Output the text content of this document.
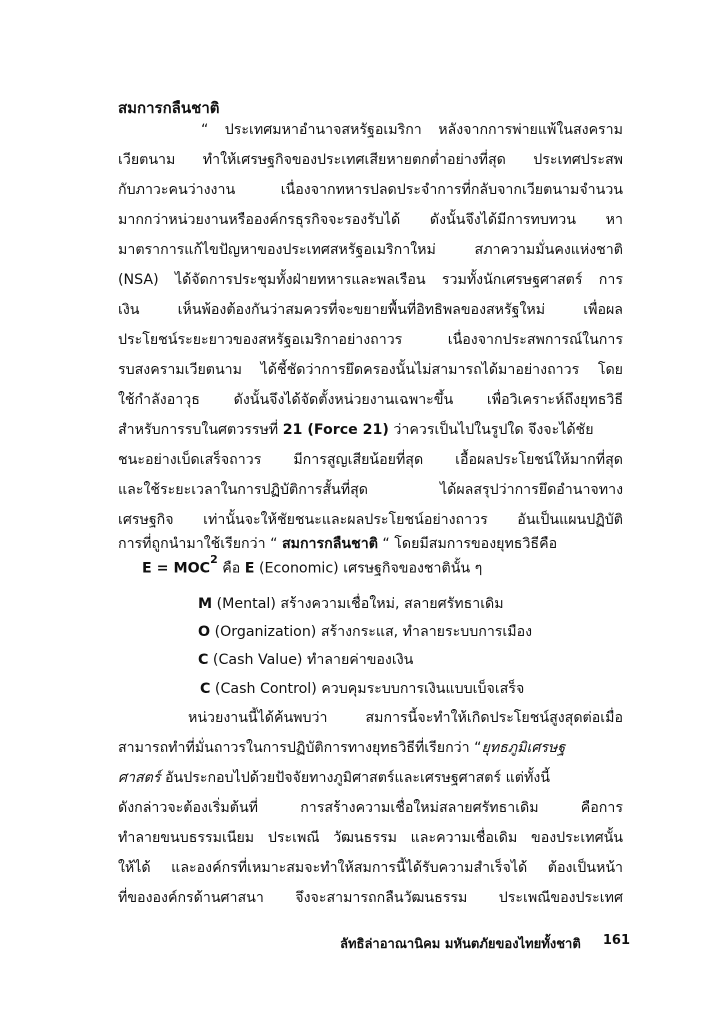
สมการกลืนชาติ
“ ประเทศมหาอำนาจสหรัฐอเมริกา หลังจากการพ่ายแพ้ในสงคราม
เวียตนาม ทำให้เศรษฐกิจของประเทศเสียหายตกต่ำอย่างที่สุด ประเทศประสพ
กับภาวะคนว่างงาน เนื่องจากทหารปลดประจำการที่กลับจากเวียตนามจำนวน
มากกว่าหน่วยงานหรือองค์กรธุรกิจจะรองรับได้ ดังนั้นจึงได้มีการทบทวน หา
มาตราการแก้ไขปัญหาของประเทศสหรัฐอเมริกาใหม่ สภาความมั่นคงแห่งชาติ
(NSA) ได้จัดการประชุมทั้งฝ่ายทหารและพลเรือน รวมทั้งนักเศรษฐศาสตร์ การ
เงิน เห็นพ้องต้องกันว่าสมควรที่จะขยายพื้นที่อิทธิพลของสหรัฐใหม่ เพื่อผล
ประโยชน์ระยะยาวของสหรัฐอเมริกาอย่างถาวร เนื่องจากประสพการณ์ในการ
รบสงครามเวียตนาม ได้ชี้ชัดว่าการยึดครองนั้นไม่สามารถได้มาอย่างถาวร โดย
ใช้กำลังอาวุธ ดังนั้นจึงได้จัดตั้งหน่วยงานเฉพาะขึ้น เพื่อวิเคราะห์ถึงยุทธวิธี
สำหรับการรบในศตวรรษที่ 21 (Force 21) ว่าควรเป็นไปในรูปใด จึงจะได้ชัย
ชนะอย่างเบ็ดเสร็จถาวร มีการสูญเสียน้อยที่สุด เอื้อผลประโยชน์ให้มากที่สุด
และใช้ระยะเวลาในการปฏิบัติการสั้นที่สุด ได้ผลสรุปว่าการยึดอำนาจทาง
เศรษฐกิจ เท่านั้นจะให้ชัยชนะและผลประโยชน์อย่างถาวร อันเป็นแผนปฏิบัติ
การที่ถูกนำมาใช้เรียกว่า “ สมการกลืนชาติ “ โดยมีสมการของยุทธวิธีคือ
$E = MOC^2$ คือ E (Economic) เศรษฐกิจของชาตินั้น ๆ
M (Mental) สร้างความเชื่อใหม่, สลายศรัทธาเดิม
O (Organization) สร้างกระแส, ทำลายระบบการเมือง
C (Cash Value) ทำลายค่าของเงิน
C (Cash Control) ควบคุมระบบการเงินแบบเบ็จเสร็จ
หน่วยงานนี้ได้ค้นพบว่า สมการนี้จะทำให้เกิดประโยชน์สูงสุดต่อเมื่อ
สามารถทำที่มั่นถาวรในการปฏิบัติการทางยุทธวิธีที่เรียกว่า “ยุทธภูมิเศรษฐ
ศาสตร์ อันประกอบไปด้วยปัจจัยทางภูมิศาสตร์และเศรษฐศาสตร์ แต่ทั้งนี้
ดังกล่าวจะต้องเริ่มต้นที่ การสร้างความเชื่อใหม่สลายศรัทธาเดิม คือการ
ทำลายขนบธรรมเนียม ประเพณี วัฒนธรรม และความเชื่อเดิม ของประเทศนั้น
ให้ได้ และองค์กรที่เหมาะสมจะทำให้สมการนี้ได้รับความสำเร็จได้ ต้องเป็นหน้า
ที่ขององค์กรด้านศาสนา จึงจะสามารถกลืนวัฒนธรรม ประเพณีของประเทศ
ลัทธิล่าอาณานิคม มหันตภัยของไทยทั้งชาติ 161
